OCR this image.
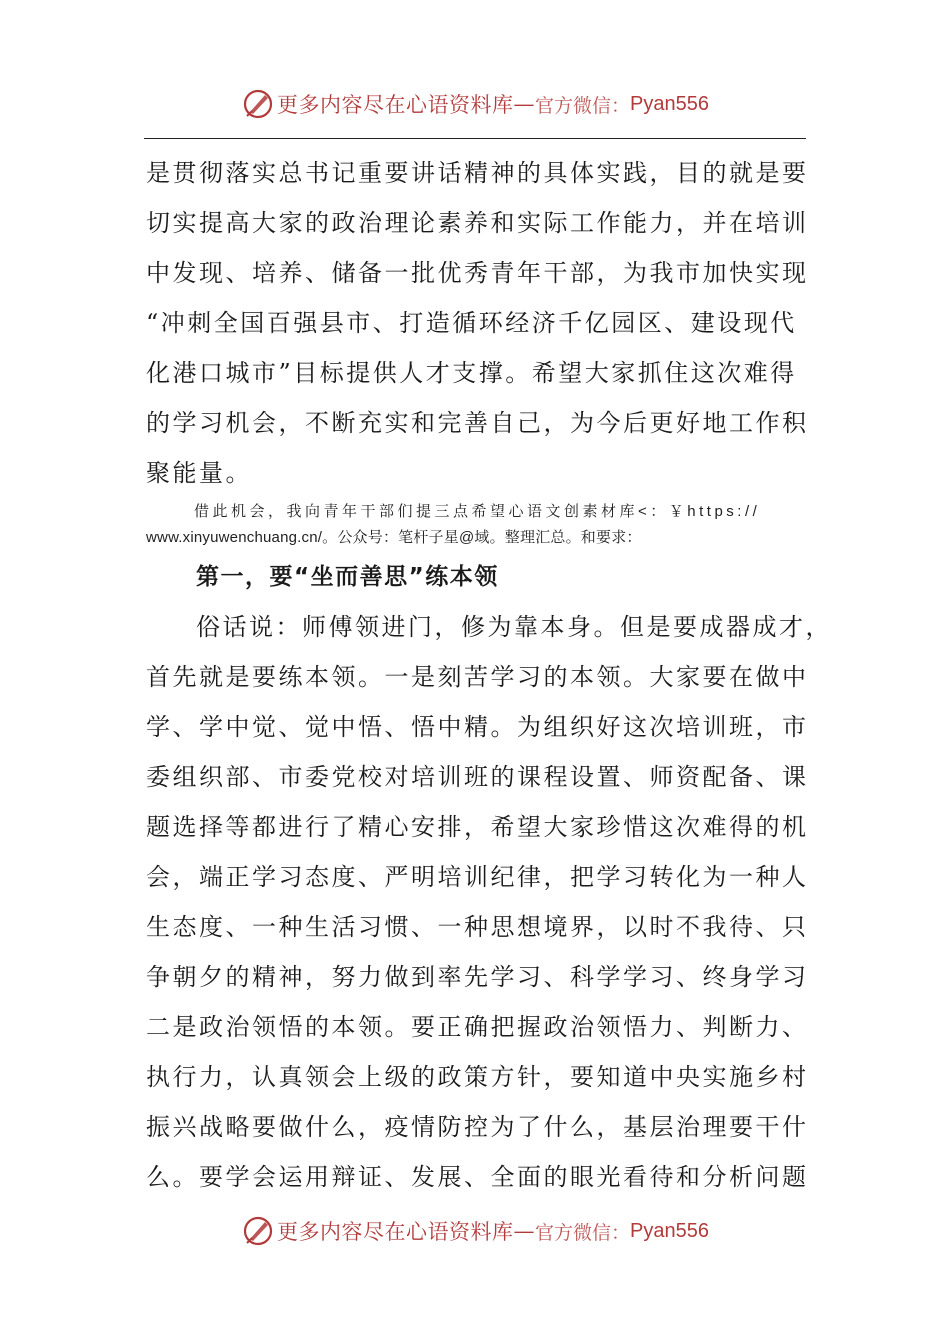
更多内容尽在心语资料库 — 官方微信： Pyan556

是贯彻落实总书记重要讲话精神的具体实践，目的就是要
切实提高大家的政治理论素养和实际工作能力，并在培训
中发现、培养、储备一批优秀青年干部，为我市加快实现
“冲刺全国百强县市、打造循环经济千亿园区、建设现代
化港口城市”目标提供人才支撑。希望大家抓住这次难得
的学习机会，不断充实和完善自己，为今后更好地工作积
聚能量。

借此机会，我向青年干部们提三点希望心语文创素材库<：￥https://
www.xinyuwenchuang.cn/。公众号：笔杆子星@域。整理汇总。和要求：

第一，要“坐而善思”练本领

俗话说：师傅领进门，修为靠本身。但是要成器成才，
首先就是要练本领。一是刻苦学习的本领。大家要在做中
学、学中觉、觉中悟、悟中精。为组织好这次培训班，市
委组织部、市委党校对培训班的课程设置、师资配备、课
题选择等都进行了精心安排，希望大家珍惜这次难得的机
会，端正学习态度、严明培训纪律，把学习转化为一种人
生态度、一种生活习惯、一种思想境界，以时不我待、只
争朝夕的精神，努力做到率先学习、科学学习、终身学习
二是政治领悟的本领。要正确把握政治领悟力、判断力、
执行力，认真领会上级的政策方针，要知道中央实施乡村
振兴战略要做什么，疫情防控为了什么，基层治理要干什
么。要学会运用辩证、发展、全面的眼光看待和分析问题

更多内容尽在心语资料库 — 官方微信： Pyan556
